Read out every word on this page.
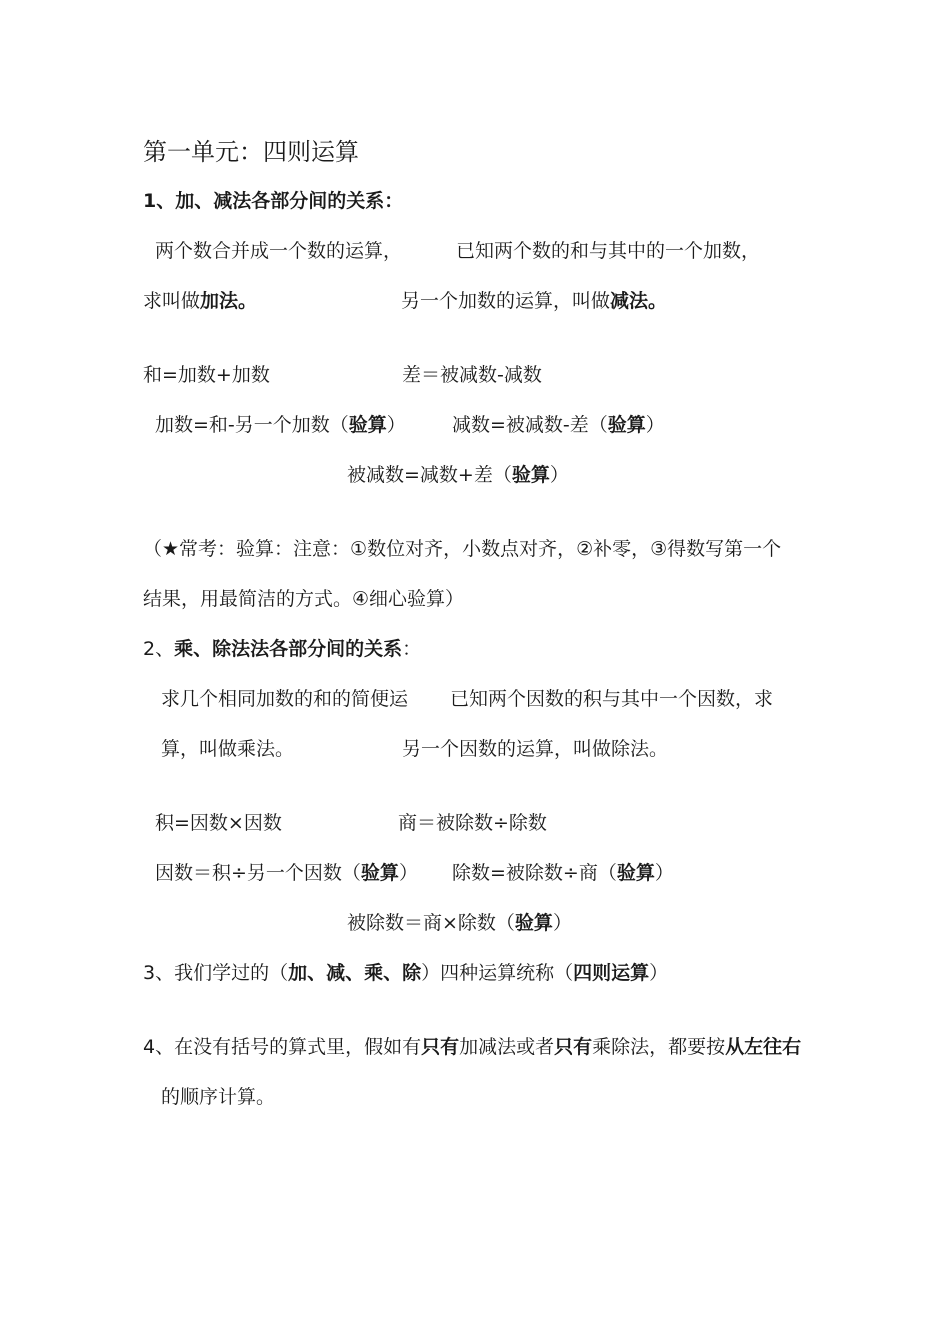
第一单元：四则运算
1、加、减法各部分间的关系：
两个数合并成一个数的运算，
求叫做加法。
已知两个数的和与其中的一个加数，
另一个加数的运算，叫做减法。
和=加数+加数	差＝被减数-减数
加数=和-另一个加数（验算） 减数=被减数-差（验算）
被减数=减数+差（验算）
（★常考：验算：注意：①数位对齐，小数点对齐，②补零，③得数写第一个
结果，用最简洁的方式。④细心验算）
2、乘、除法法各部分间的关系：
求几个相同加数的和的简便运
算，叫做乘法。
已知两个因数的积与其中一个因数，求
另一个因数的运算，叫做除法。
积=因数×因数	商＝被除数÷除数
因数＝积÷另一个因数（验算） 除数=被除数÷商（验算）
被除数＝商×除数（验算）
3、我们学过的（加、减、乘、除）四种运算统称（四则运算）
4、在没有括号的算式里，假如有只有加减法或者只有乘除法，都要按从左往右
的顺序计算。
